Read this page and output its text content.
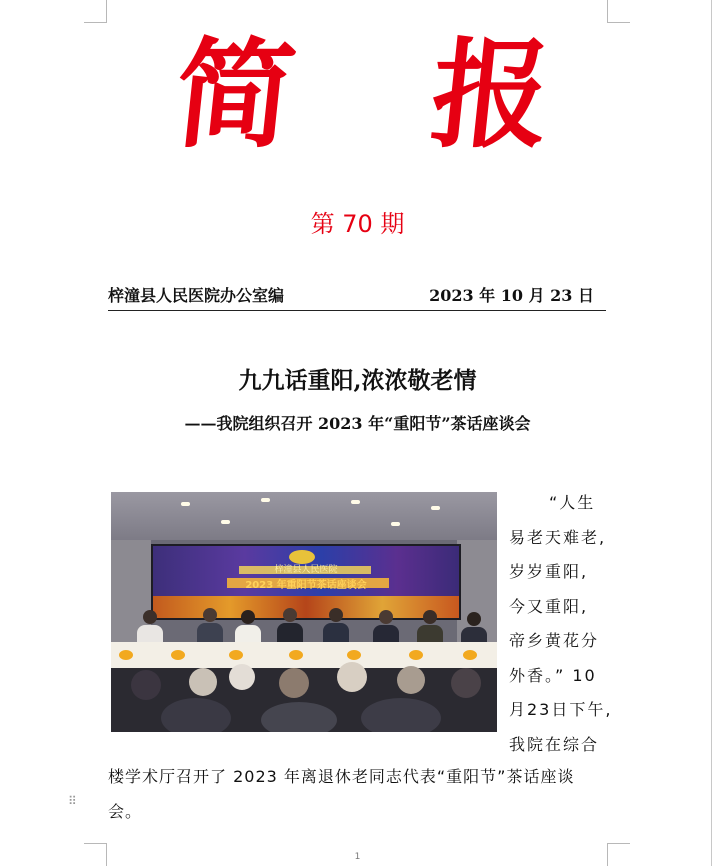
简 报
第 70 期
梓潼县人民医院办公室编	2023 年 10 月 23 日
九九话重阳,浓浓敬老情
——我院组织召开 2023 年“重阳节”茶话座谈会
梓潼县人民医院
2023 年重阳节茶话座谈会
“人生
易老天难老,
岁岁重阳,
今又重阳,
帝乡黄花分
外香。” 10
月23日下午,
我院在综合
楼学术厅召开了 2023 年离退休老同志代表“重阳节”茶话座谈
会。
⠿
1
